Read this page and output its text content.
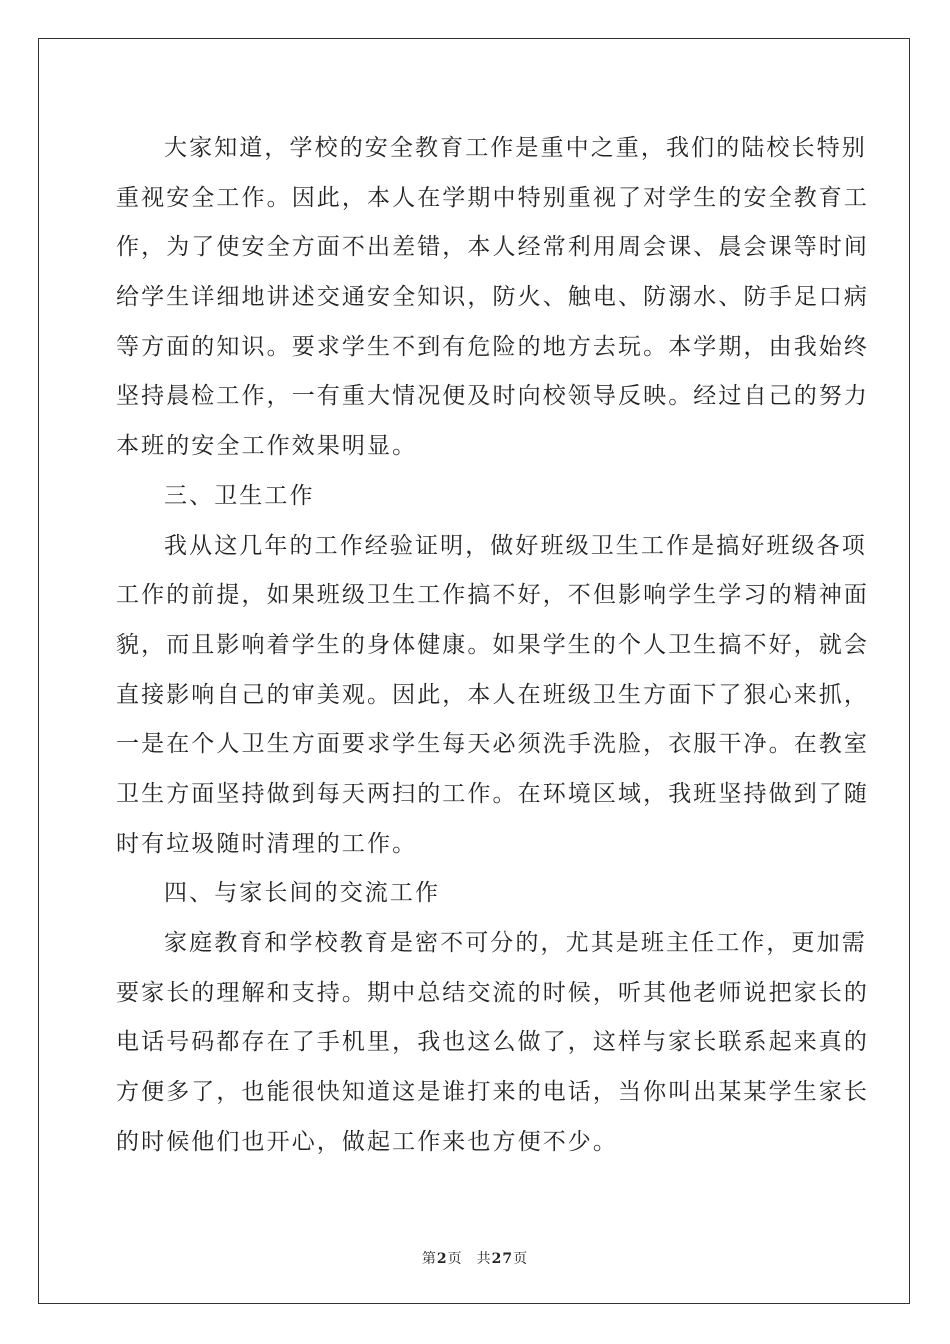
大家知道，学校的安全教育工作是重中之重，我们的陆校长特别
重视安全工作。因此，本人在学期中特别重视了对学生的安全教育工
作，为了使安全方面不出差错，本人经常利用周会课、晨会课等时间
给学生详细地讲述交通安全知识，防火、触电、防溺水、防手足口病
等方面的知识。要求学生不到有危险的地方去玩。本学期，由我始终
坚持晨检工作，一有重大情况便及时向校领导反映。经过自己的努力
本班的安全工作效果明显。
三、卫生工作
我从这几年的工作经验证明，做好班级卫生工作是搞好班级各项
工作的前提，如果班级卫生工作搞不好，不但影响学生学习的精神面
貌，而且影响着学生的身体健康。如果学生的个人卫生搞不好，就会
直接影响自己的审美观。因此，本人在班级卫生方面下了狠心来抓，
一是在个人卫生方面要求学生每天必须洗手洗脸，衣服干净。在教室
卫生方面坚持做到每天两扫的工作。在环境区域，我班坚持做到了随
时有垃圾随时清理的工作。
四、与家长间的交流工作
家庭教育和学校教育是密不可分的，尤其是班主任工作，更加需
要家长的理解和支持。期中总结交流的时候，听其他老师说把家长的
电话号码都存在了手机里，我也这么做了，这样与家长联系起来真的
方便多了，也能很快知道这是谁打来的电话，当你叫出某某学生家长
的时候他们也开心，做起工作来也方便不少。
第2页 共27页
